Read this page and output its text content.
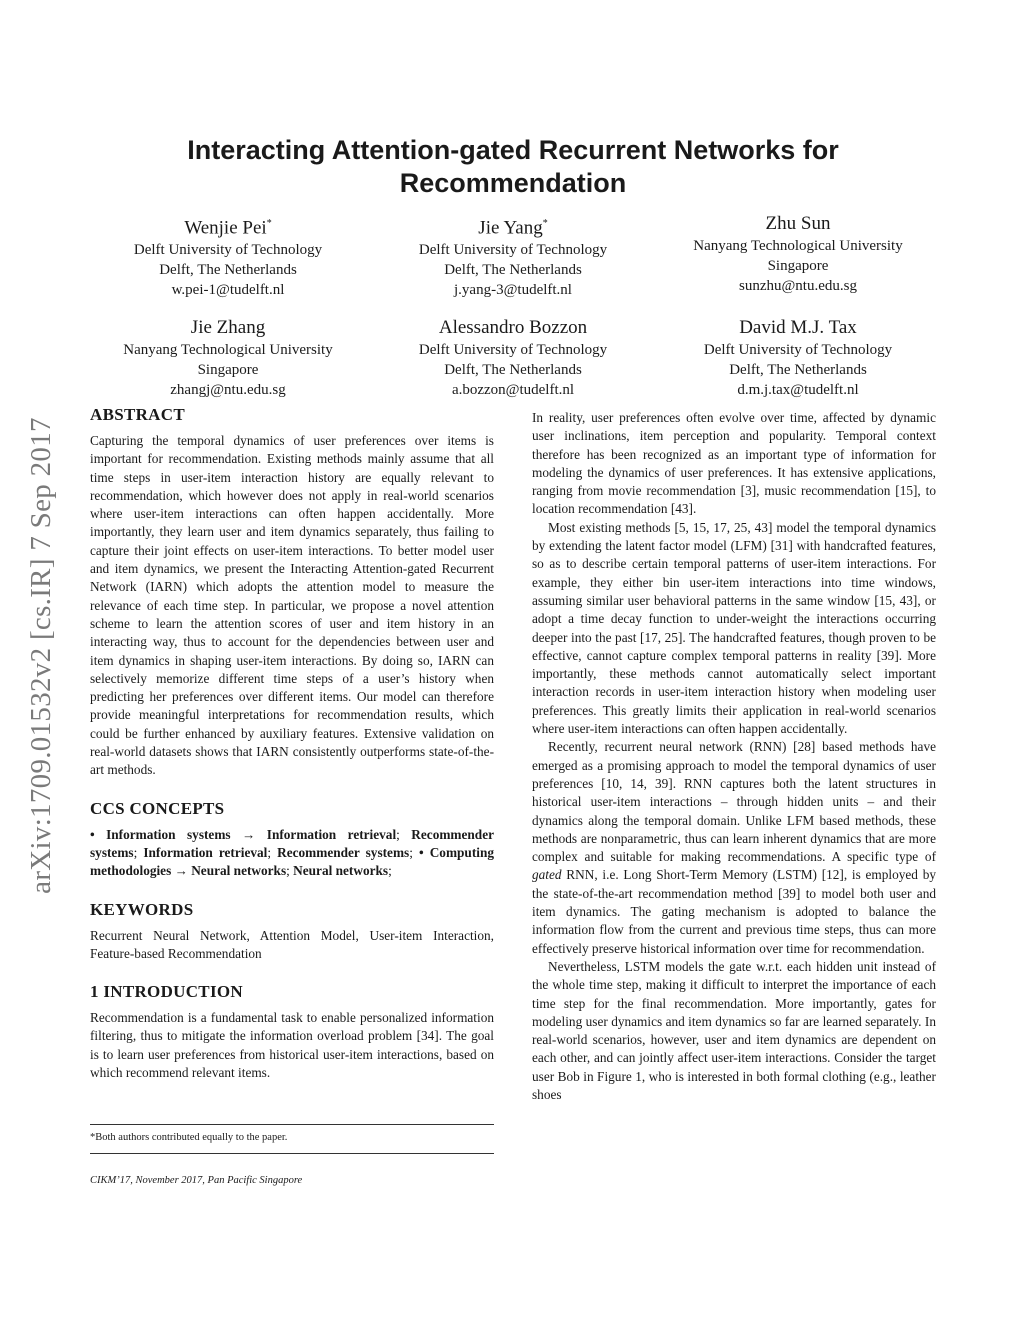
arXiv:1709.01532v2 [cs.IR] 7 Sep 2017
Interacting Attention-gated Recurrent Networks for Recommendation
Wenjie Pei*
Delft University of Technology
Delft, The Netherlands
w.pei-1@tudelft.nl
Jie Yang*
Delft University of Technology
Delft, The Netherlands
j.yang-3@tudelft.nl
Zhu Sun
Nanyang Technological University
Singapore
sunzhu@ntu.edu.sg
Jie Zhang
Nanyang Technological University
Singapore
zhangj@ntu.edu.sg
Alessandro Bozzon
Delft University of Technology
Delft, The Netherlands
a.bozzon@tudelft.nl
David M.J. Tax
Delft University of Technology
Delft, The Netherlands
d.m.j.tax@tudelft.nl
ABSTRACT

Capturing the temporal dynamics of user preferences over items is important for recommendation. Existing methods mainly assume that all time steps in user-item interaction history are equally relevant to recommendation, which however does not apply in real-world scenarios where user-item interactions can often happen accidentally. More importantly, they learn user and item dynamics separately, thus failing to capture their joint effects on user-item interactions. To better model user and item dynamics, we present the Interacting Attention-gated Recurrent Network (IARN) which adopts the attention model to measure the relevance of each time step. In particular, we propose a novel attention scheme to learn the attention scores of user and item history in an interacting way, thus to account for the dependencies between user and item dynamics in shaping user-item interactions. By doing so, IARN can selectively memorize different time steps of a user’s history when predicting her preferences over different items. Our model can therefore provide meaningful interpretations for recommendation results, which could be further enhanced by auxiliary features. Extensive validation on real-world datasets shows that IARN consistently outperforms state-of-the-art methods.

CCS CONCEPTS

• Information systems → Information retrieval; Recommender systems; Information retrieval; Recommender systems; • Computing methodologies → Neural networks; Neural networks;

KEYWORDS

Recurrent Neural Network, Attention Model, User-item Interaction, Feature-based Recommendation

1 INTRODUCTION

Recommendation is a fundamental task to enable personalized information filtering, thus to mitigate the information overload problem [34]. The goal is to learn user preferences from historical user-item interactions, based on which recommend relevant items.

*Both authors contributed equally to the paper.
CIKM’17, November 2017, Pan Pacific Singapore

In reality, user preferences often evolve over time, affected by dynamic user inclinations, item perception and popularity. Temporal context therefore has been recognized as an important type of information for modeling the dynamics of user preferences. It has extensive applications, ranging from movie recommendation [3], music recommendation [15], to location recommendation [43].

Most existing methods [5, 15, 17, 25, 43] model the temporal dynamics by extending the latent factor model (LFM) [31] with handcrafted features, so as to describe certain temporal patterns of user-item interactions. For example, they either bin user-item interactions into time windows, assuming similar user behavioral patterns in the same window [15, 43], or adopt a time decay function to under-weight the interactions occurring deeper into the past [17, 25]. The handcrafted features, though proven to be effective, cannot capture complex temporal patterns in reality [39]. More importantly, these methods cannot automatically select important interaction records in user-item interaction history when modeling user preferences. This greatly limits their application in real-world scenarios where user-item interactions can often happen accidentally.

Recently, recurrent neural network (RNN) [28] based methods have emerged as a promising approach to model the temporal dynamics of user preferences [10, 14, 39]. RNN captures both the latent structures in historical user-item interactions – through hidden units – and their dynamics along the temporal domain. Unlike LFM based methods, these methods are nonparametric, thus can learn inherent dynamics that are more complex and suitable for making recommendations. A specific type of gated RNN, i.e. Long Short-Term Memory (LSTM) [12], is employed by the state-of-the-art recommendation method [39] to model both user and item dynamics. The gating mechanism is adopted to balance the information flow from the current and previous time steps, thus can more effectively preserve historical information over time for recommendation.

Nevertheless, LSTM models the gate w.r.t. each hidden unit instead of the whole time step, making it difficult to interpret the importance of each time step for the final recommendation. More importantly, gates for modeling user dynamics and item dynamics so far are learned separately. In real-world scenarios, however, user and item dynamics are dependent on each other, and can jointly affect user-item interactions. Consider the target user Bob in Figure 1, who is interested in both formal clothing (e.g., leather shoes
